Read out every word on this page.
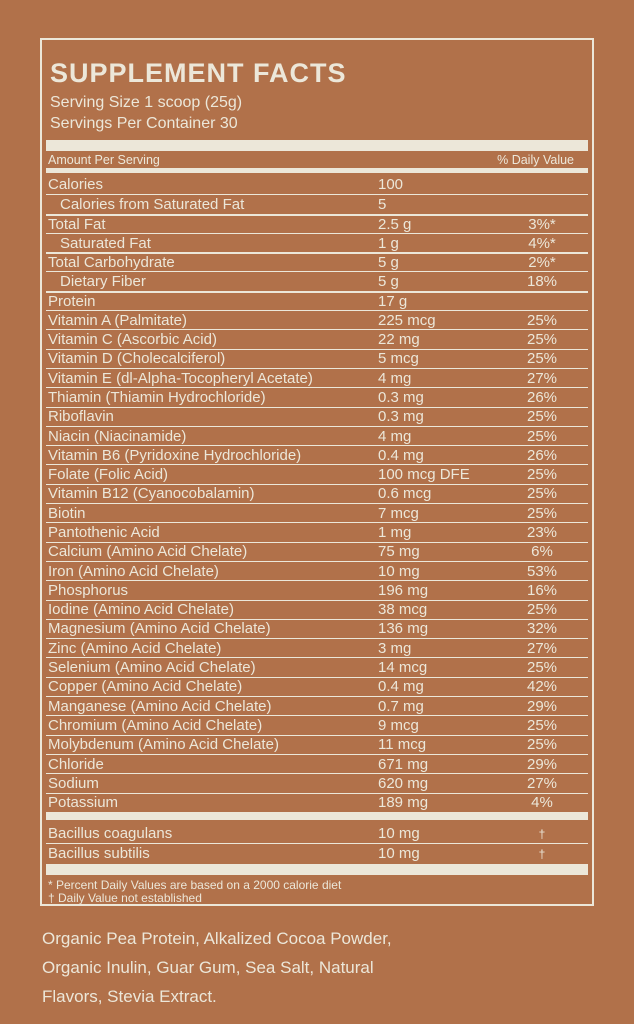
SUPPLEMENT FACTS
Serving Size 1 scoop (25g)
Servings Per Container 30
Amount Per Serving	% Daily Value
Calories	100
Calories from Saturated Fat	5
Total Fat	2.5 g	3%*
Saturated Fat	1 g	4%*
Total Carbohydrate	5 g	2%*
Dietary Fiber	5 g	18%
Protein	17 g
Vitamin A (Palmitate)	225 mcg	25%
Vitamin C (Ascorbic Acid)	22 mg	25%
Vitamin D (Cholecalciferol)	5 mcg	25%
Vitamin E (dl-Alpha-Tocopheryl Acetate)	4 mg	27%
Thiamin (Thiamin Hydrochloride)	0.3 mg	26%
Riboflavin	0.3 mg	25%
Niacin (Niacinamide)	4 mg	25%
Vitamin B6 (Pyridoxine Hydrochloride)	0.4 mg	26%
Folate (Folic Acid)	100 mcg DFE	25%
Vitamin B12 (Cyanocobalamin)	0.6 mcg	25%
Biotin	7 mcg	25%
Pantothenic Acid	1 mg	23%
Calcium (Amino Acid Chelate)	75 mg	6%
Iron (Amino Acid Chelate)	10 mg	53%
Phosphorus	196 mg	16%
Iodine (Amino Acid Chelate)	38 mcg	25%
Magnesium (Amino Acid Chelate)	136 mg	32%
Zinc (Amino Acid Chelate)	3 mg	27%
Selenium (Amino Acid Chelate)	14 mcg	25%
Copper (Amino Acid Chelate)	0.4 mg	42%
Manganese (Amino Acid Chelate)	0.7 mg	29%
Chromium (Amino Acid Chelate)	9 mcg	25%
Molybdenum (Amino Acid Chelate)	11 mcg	25%
Chloride	671 mg	29%
Sodium	620 mg	27%
Potassium	189 mg	4%
Bacillus coagulans	10 mg	†
Bacillus subtilis	10 mg	†
* Percent Daily Values are based on a 2000 calorie diet
† Daily Value not established
Organic Pea Protein, Alkalized Cocoa Powder,
Organic Inulin, Guar Gum, Sea Salt, Natural
Flavors, Stevia Extract.
